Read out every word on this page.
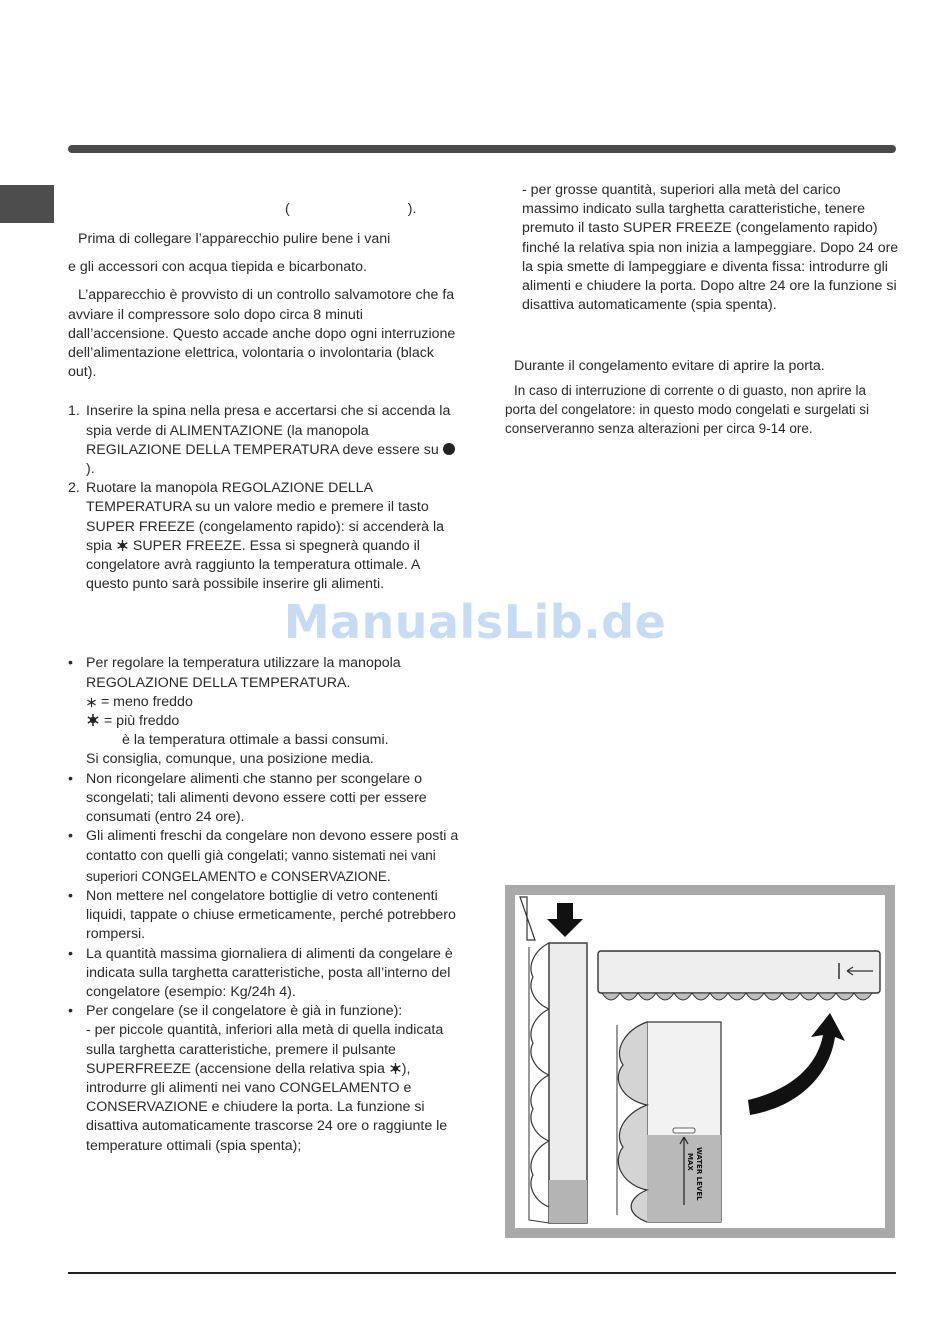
(	).

Prima di collegare l’apparecchio pulire bene i vani

e gli accessori con acqua tiepida e bicarbonato.

L’apparecchio è provvisto di un controllo salvamotore che fa avviare il compressore solo dopo circa 8 minuti dall’accensione. Questo accade anche dopo ogni interruzione dell’alimentazione elettrica, volontaria o involontaria (black out).

1. Inserire la spina nella presa e accertarsi che si accenda la spia verde di ALIMENTAZIONE (la manopola REGILAZIONE DELLA TEMPERATURA deve essere su ).
2. Ruotare la manopola REGOLAZIONE DELLA TEMPERATURA su un valore medio e premere il tasto SUPER FREEZE (congelamento rapido): si accenderà la spia  SUPER FREEZE. Essa si spegnerà quando il congelatore avrà raggiunto la temperatura ottimale. A questo punto sarà possibile inserire gli alimenti.
• Per regolare la temperatura utilizzare la manopola REGOLAZIONE DELLA TEMPERATURA.
= meno freddo
= più freddo
è la temperatura ottimale a bassi consumi.
Si consiglia, comunque, una posizione media.
• Non ricongelare alimenti che stanno per scongelare o scongelati; tali alimenti devono essere cotti per essere consumati (entro 24 ore).
• Gli alimenti freschi da congelare non devono essere posti a contatto con quelli già congelati; vanno sistemati nei vani superiori CONGELAMENTO e CONSERVAZIONE.
• Non mettere nel congelatore bottiglie di vetro contenenti liquidi, tappate o chiuse ermeticamente, perché potrebbero rompersi.
• La quantità massima giornaliera di alimenti da congelare è indicata sulla targhetta caratteristiche, posta all’interno del congelatore (esempio: Kg/24h 4).
• Per congelare (se il congelatore è già in funzione):
- per piccole quantità, inferiori alla metà di quella indicata sulla targhetta caratteristiche, premere il pulsante SUPERFREEZE (accensione della relativa spia ), introdurre gli alimenti nei vano CONGELAMENTO e CONSERVAZIONE e chiudere la porta. La funzione si disattiva automaticamente trascorse 24 ore o raggiunte le temperature ottimali (spia spenta);

- per grosse quantità, superiori alla metà del carico massimo indicato sulla targhetta caratteristiche, tenere premuto il tasto SUPER FREEZE (congelamento rapido) finché la relativa spia non inizia a lampeggiare. Dopo 24 ore la spia smette di lampeggiare e diventa fissa: introdurre gli alimenti e chiudere la porta. Dopo altre 24 ore la funzione si disattiva automaticamente (spia spenta).

Durante il congelamento evitare di aprire la porta.

In caso di interruzione di corrente o di guasto, non aprire la porta del congelatore: in questo modo congelati e surgelati si conserveranno senza alterazioni per circa 9-14 ore.

ManualsLib.de
MAX WATER LEVEL
